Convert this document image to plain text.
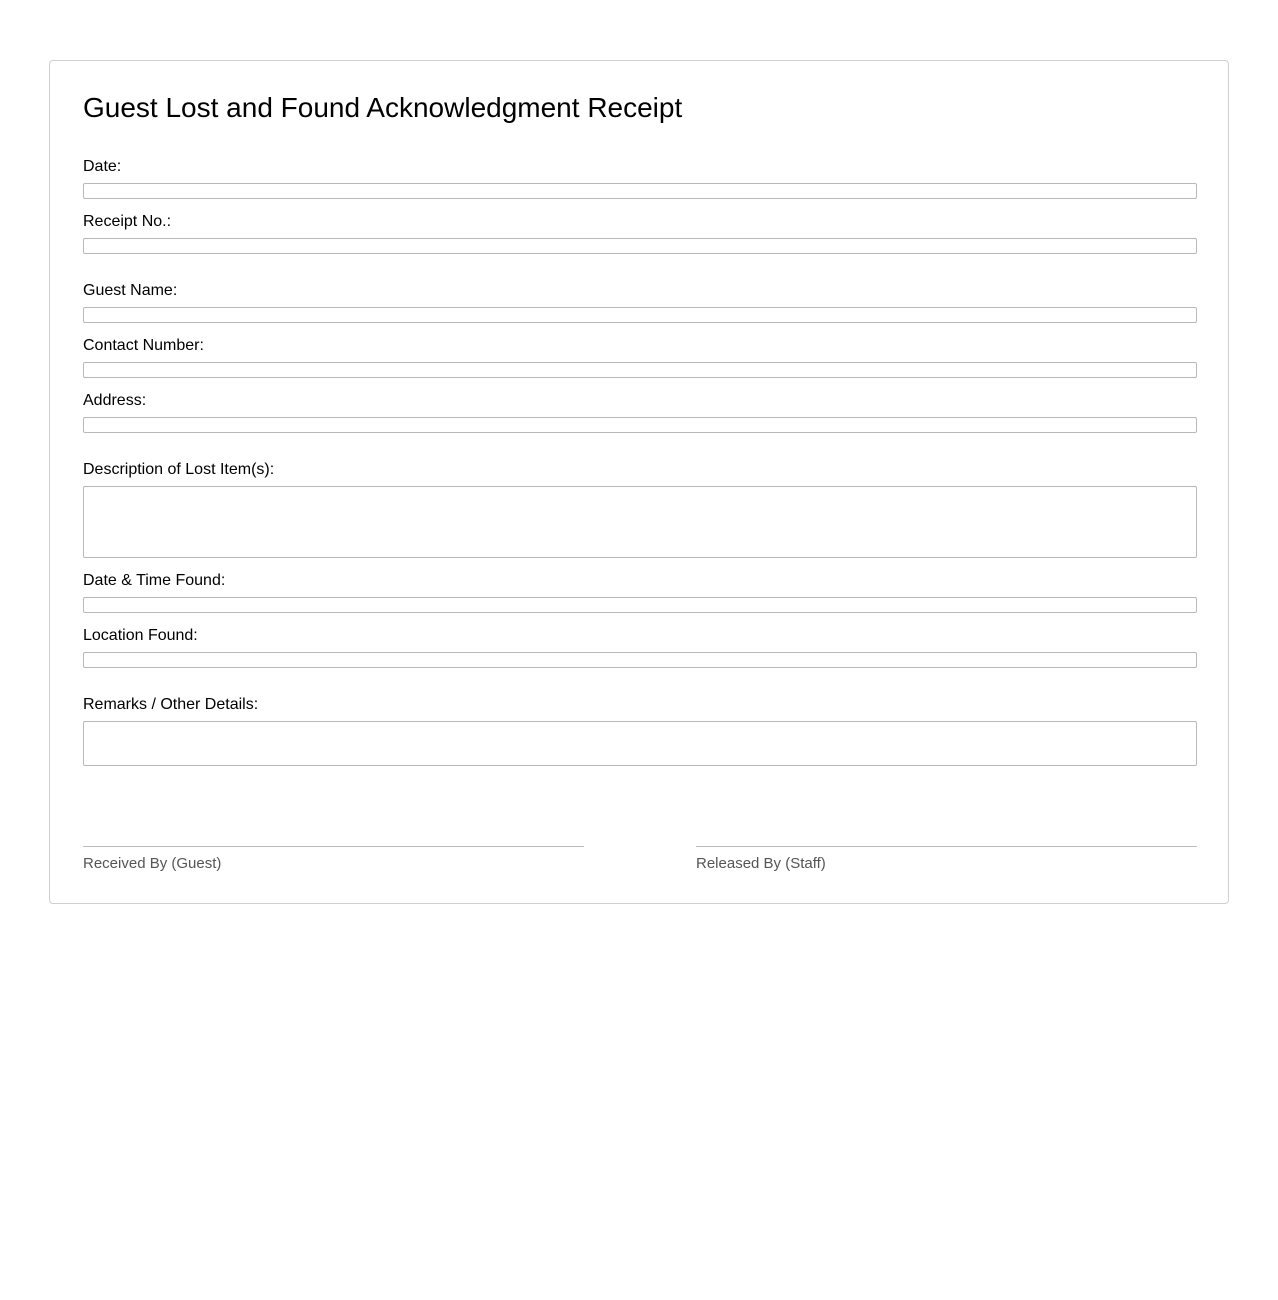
Guest Lost and Found Acknowledgment Receipt
Date:
Receipt No.:
Guest Name:
Contact Number:
Address:
Description of Lost Item(s):
Date & Time Found:
Location Found:
Remarks / Other Details:
Received By (Guest)	Released By (Staff)
